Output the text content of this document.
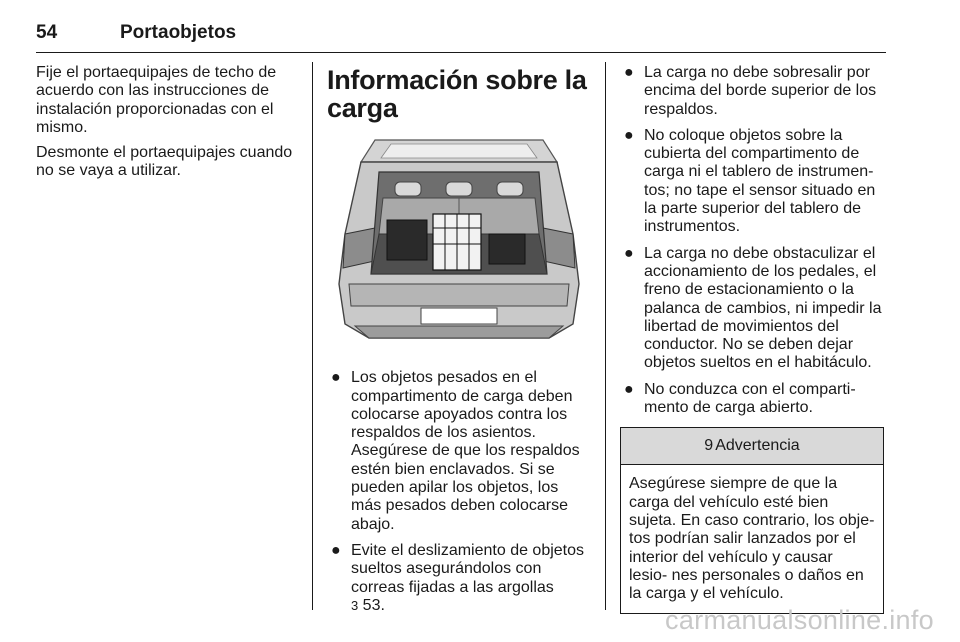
54	Portaobjetos

Fije el portaequipajes de techo de acuerdo con las instrucciones de instalación proporcionadas con el mismo.

Desmonte el portaequipajes cuando no se vaya a utilizar.

Información sobre la carga
● Los objetos pesados en el compartimento de carga deben colocarse apoyados contra los respaldos de los asientos. Asegúrese de que los respaldos estén bien enclavados. Si se pueden apilar los objetos, los más pesados deben colocarse abajo.
● Evite el deslizamiento de objetos sueltos asegurándolos con correas fijadas a las argollas
3 53.
● La carga no debe sobresalir por encima del borde superior de los respaldos.
● No coloque objetos sobre la cubierta del compartimento de carga ni el tablero de instrumen- tos; no tape el sensor situado en la parte superior del tablero de instrumentos.
● La carga no debe obstaculizar el accionamiento de los pedales, el freno de estacionamiento o la palanca de cambios, ni impedir la libertad de movimientos del conductor. No se deben dejar objetos sueltos en el habitáculo.
● No conduzca con el comparti- mento de carga abierto.
9 Advertencia
Asegúrese siempre de que la carga del vehículo esté bien sujeta. En caso contrario, los obje- tos podrían salir lanzados por el interior del vehículo y causar lesio- nes personales o daños en la carga y el vehículo.
carmanualsonline.info
